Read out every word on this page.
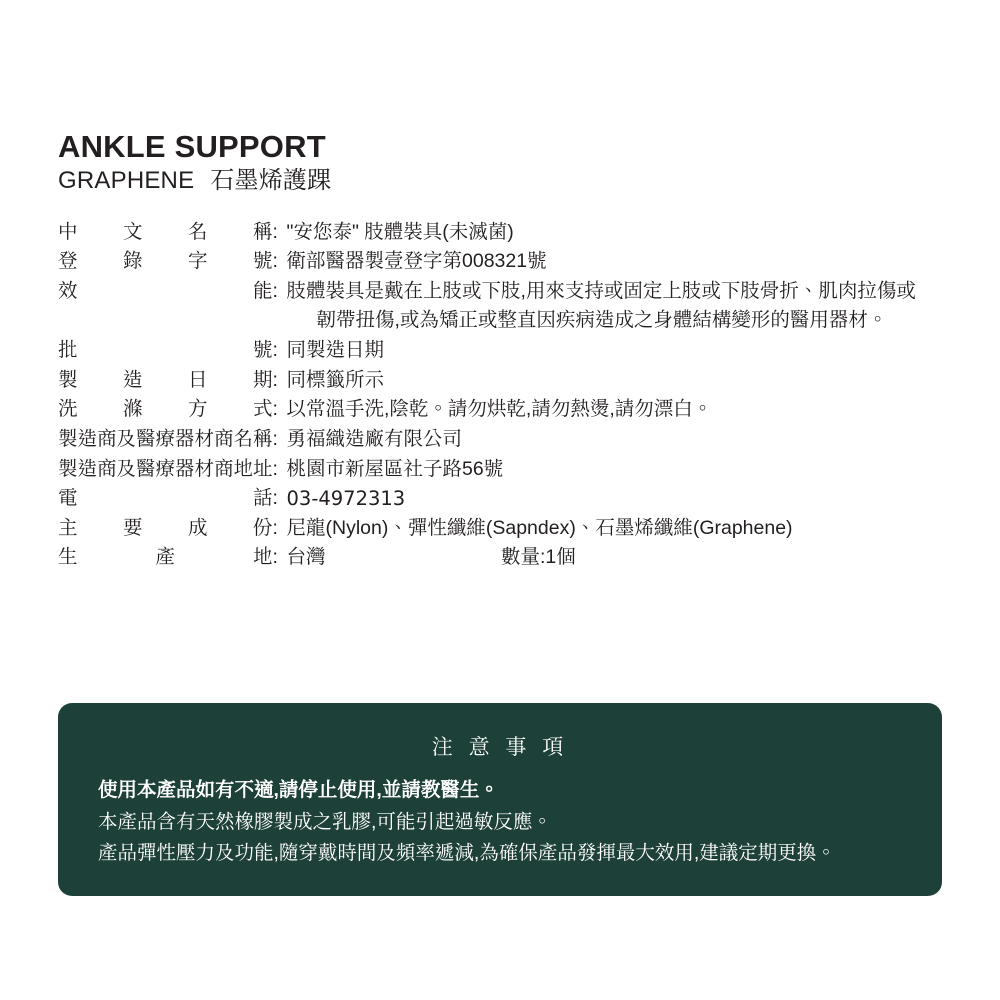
ANKLE SUPPORT
GRAPHENE 石墨烯護踝
中 文 名 稱	:	"安您泰" 肢體裝具(未滅菌)

登 錄 字 號	:	衛部醫器製壹登字第008321號

效 能	:	肢體裝具是戴在上肢或下肢,用來支持或固定上肢或下肢骨折、肌肉拉傷或
韌帶扭傷,或為矯正或整直因疾病造成之身體結構變形的醫用器材。

批 號	:	同製造日期

製 造 日 期	:	同標籤所示

洗 滌 方 式	:	以常溫手洗,陰乾。請勿烘乾,請勿熱燙,請勿漂白。

製造商及醫療器材商名稱	:	勇福織造廠有限公司

製造商及醫療器材商地址	:	桃園市新屋區社子路56號

電 話	:	03-4972313

主 要 成 份	:	尼龍(Nylon)、彈性纖維(Sapndex)、石墨烯纖維(Graphene)

生 產 地	:	台灣 數量:1個
注 意 事 項

使用本產品如有不適,請停止使用,並請教醫生。

本產品含有天然橡膠製成之乳膠,可能引起過敏反應。

產品彈性壓力及功能,隨穿戴時間及頻率遞減,為確保產品發揮最大效用,建議定期更換。
